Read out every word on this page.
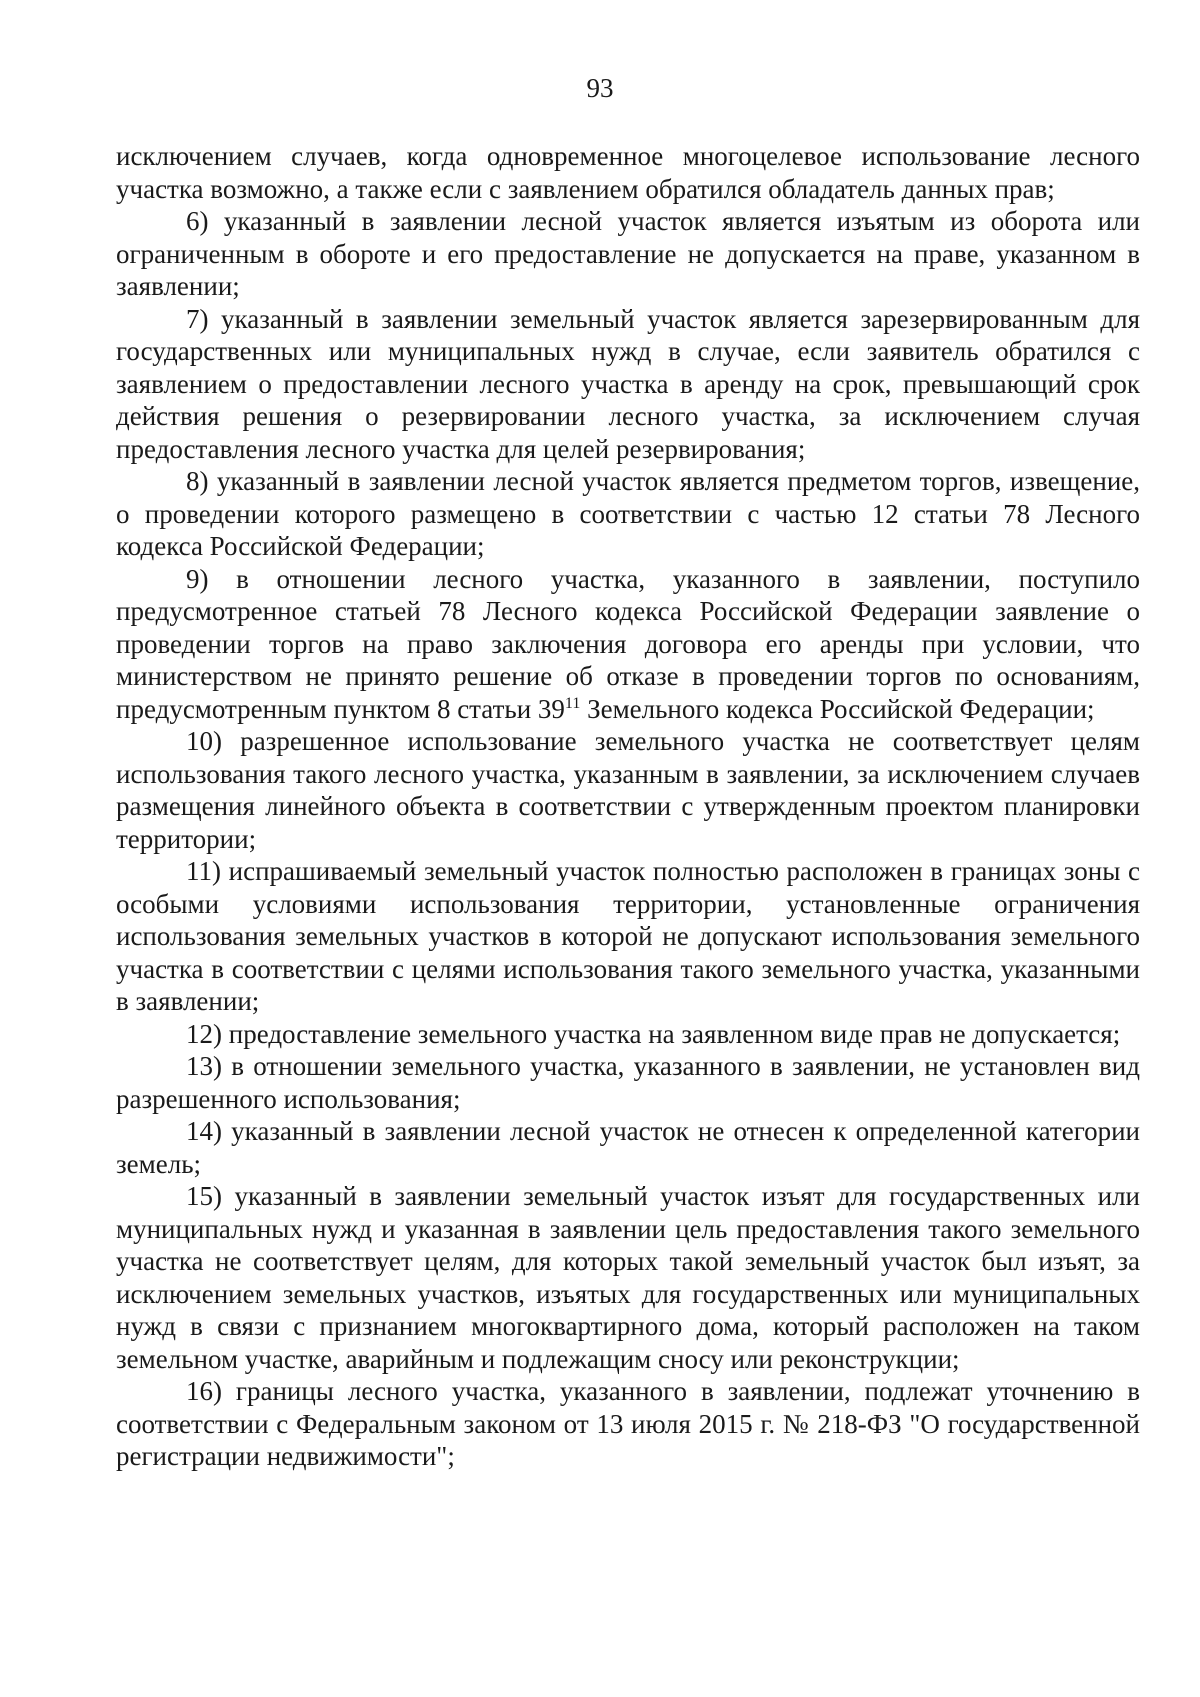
93

исключением случаев, когда одновременное многоцелевое использование лесного участка возможно, а также если с заявлением обратился обладатель данных прав;

6) указанный в заявлении лесной участок является изъятым из оборота или ограниченным в обороте и его предоставление не допускается на праве, указанном в заявлении;

7) указанный в заявлении земельный участок является зарезервированным для государственных или муниципальных нужд в случае, если заявитель обратился с заявлением о предоставлении лесного участка в аренду на срок, превышающий срок действия решения о резервировании лесного участка, за исключением случая предоставления лесного участка для целей резервирования;

8) указанный в заявлении лесной участок является предметом торгов, извещение, о проведении которого размещено в соответствии с частью 12 статьи 78 Лесного кодекса Российской Федерации;

9) в отношении лесного участка, указанного в заявлении, поступило предусмотренное статьей 78 Лесного кодекса Российской Федерации заявление о проведении торгов на право заключения договора его аренды при условии, что министерством не принято решение об отказе в проведении торгов по основаниям, предусмотренным пунктом 8 статьи $39^{11}$ Земельного кодекса Российской Федерации;

10) разрешенное использование земельного участка не соответствует целям использования такого лесного участка, указанным в заявлении, за исключением случаев размещения линейного объекта в соответствии с утвержденным проектом планировки территории;

11) испрашиваемый земельный участок полностью расположен в границах зоны с особыми условиями использования территории, установленные ограничения использования земельных участков в которой не допускают использования земельного участка в соответствии с целями использования такого земельного участка, указанными в заявлении;

12) предоставление земельного участка на заявленном виде прав не допускается;

13) в отношении земельного участка, указанного в заявлении, не установлен вид разрешенного использования;

14) указанный в заявлении лесной участок не отнесен к определенной категории земель;

15) указанный в заявлении земельный участок изъят для государственных или муниципальных нужд и указанная в заявлении цель предоставления такого земельного участка не соответствует целям, для которых такой земельный участок был изъят, за исключением земельных участков, изъятых для государственных или муниципальных нужд в связи с признанием многоквартирного дома, который расположен на таком земельном участке, аварийным и подлежащим сносу или реконструкции;

16) границы лесного участка, указанного в заявлении, подлежат уточнению в соответствии с Федеральным законом от 13 июля 2015 г. № 218-ФЗ "О государственной регистрации недвижимости";
